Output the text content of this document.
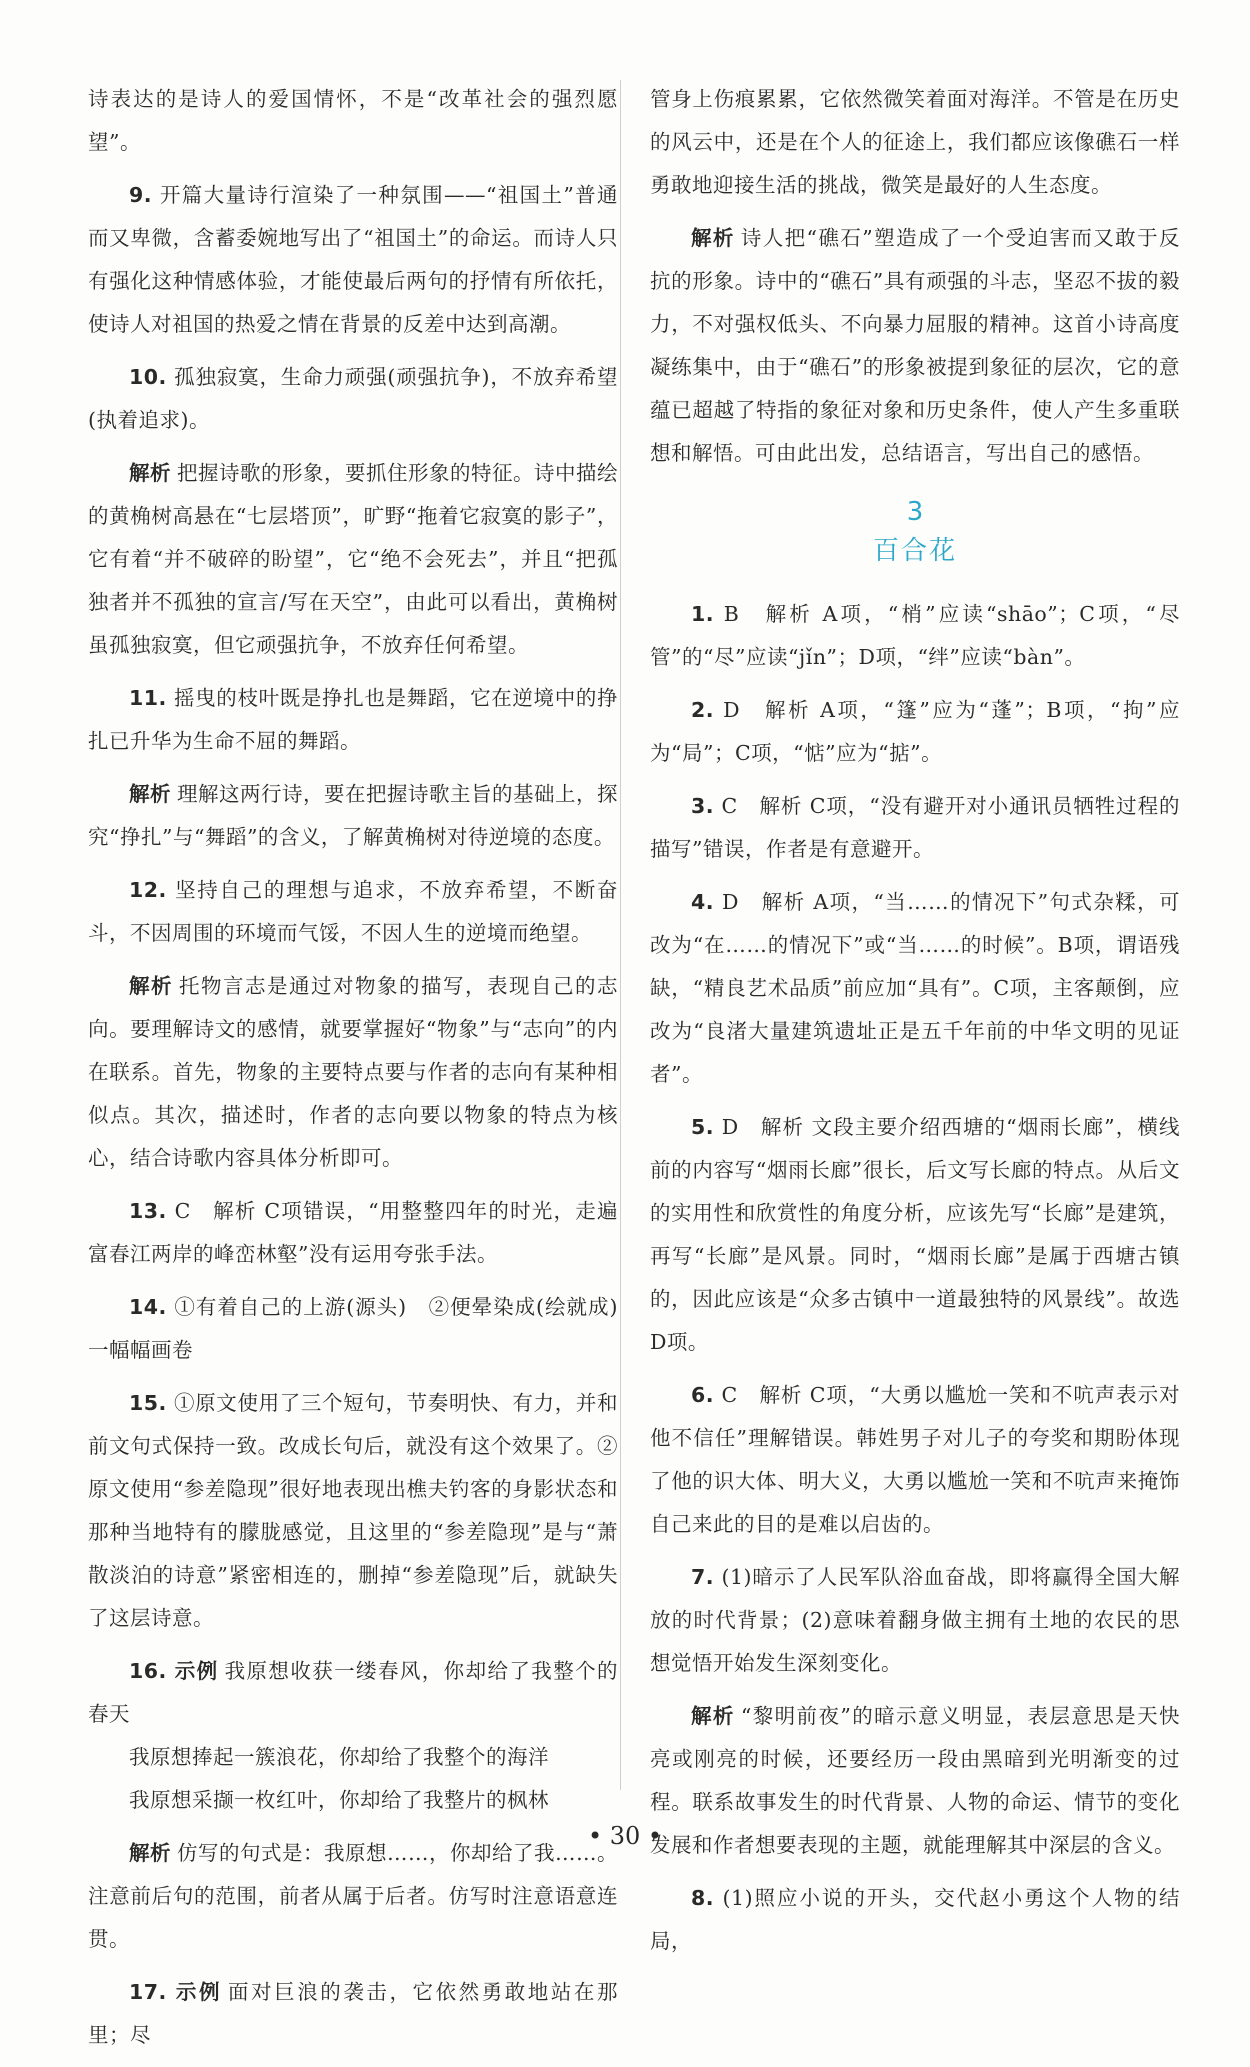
诗表达的是诗人的爱国情怀，不是“改革社会的强烈愿望”。

9. 开篇大量诗行渲染了一种氛围——“祖国土”普通而又卑微，含蓄委婉地写出了“祖国土”的命运。而诗人只有强化这种情感体验，才能使最后两句的抒情有所依托，使诗人对祖国的热爱之情在背景的反差中达到高潮。

10. 孤独寂寞，生命力顽强(顽强抗争)，不放弃希望(执着追求)。

解析 把握诗歌的形象，要抓住形象的特征。诗中描绘的黄桷树高悬在“七层塔顶”，旷野“拖着它寂寞的影子”，它有着“并不破碎的盼望”，它“绝不会死去”，并且“把孤独者并不孤独的宣言/写在天空”，由此可以看出，黄桷树虽孤独寂寞，但它顽强抗争，不放弃任何希望。

11. 摇曳的枝叶既是挣扎也是舞蹈，它在逆境中的挣扎已升华为生命不屈的舞蹈。

解析 理解这两行诗，要在把握诗歌主旨的基础上，探究“挣扎”与“舞蹈”的含义，了解黄桷树对待逆境的态度。

12. 坚持自己的理想与追求，不放弃希望，不断奋斗，不因周围的环境而气馁，不因人生的逆境而绝望。

解析 托物言志是通过对物象的描写，表现自己的志向。要理解诗文的感情，就要掌握好“物象”与“志向”的内在联系。首先，物象的主要特点要与作者的志向有某种相似点。其次，描述时，作者的志向要以物象的特点为核心，结合诗歌内容具体分析即可。

13. C　解析 C项错误，“用整整四年的时光，走遍富春江两岸的峰峦林壑”没有运用夸张手法。

14. ①有着自己的上游(源头)　②便晕染成(绘就成)一幅幅画卷

15. ①原文使用了三个短句，节奏明快、有力，并和前文句式保持一致。改成长句后，就没有这个效果了。②原文使用“参差隐现”很好地表现出樵夫钓客的身影状态和那种当地特有的朦胧感觉，且这里的“参差隐现”是与“萧散淡泊的诗意”紧密相连的，删掉“参差隐现”后，就缺失了这层诗意。

16. 示例 我原想收获一缕春风，你却给了我整个的春天

我原想捧起一簇浪花，你却给了我整个的海洋

我原想采撷一枚红叶，你却给了我整片的枫林

解析 仿写的句式是：我原想……，你却给了我……。注意前后句的范围，前者从属于后者。仿写时注意语意连贯。

17. 示例 面对巨浪的袭击，它依然勇敢地站在那里；尽

管身上伤痕累累，它依然微笑着面对海洋。不管是在历史的风云中，还是在个人的征途上，我们都应该像礁石一样勇敢地迎接生活的挑战，微笑是最好的人生态度。

解析 诗人把“礁石”塑造成了一个受迫害而又敢于反抗的形象。诗中的“礁石”具有顽强的斗志，坚忍不拔的毅力，不对强权低头、不向暴力屈服的精神。这首小诗高度凝练集中，由于“礁石”的形象被提到象征的层次，它的意蕴已超越了特指的象征对象和历史条件，使人产生多重联想和解悟。可由此出发，总结语言，写出自己的感悟。

3
百合花

1. B　解析 A项，“梢”应读“shāo”；C项，“尽管”的“尽”应读“jǐn”；D项，“绊”应读“bàn”。

2. D　解析 A项，“篷”应为“蓬”；B项，“拘”应为“局”；C项，“惦”应为“掂”。

3. C　解析 C项，“没有避开对小通讯员牺牲过程的描写”错误，作者是有意避开。

4. D　解析 A项，“当……的情况下”句式杂糅，可改为“在……的情况下”或“当……的时候”。B项，谓语残缺，“精良艺术品质”前应加“具有”。C项，主客颠倒，应改为“良渚大量建筑遗址正是五千年前的中华文明的见证者”。

5. D　解析 文段主要介绍西塘的“烟雨长廊”，横线前的内容写“烟雨长廊”很长，后文写长廊的特点。从后文的实用性和欣赏性的角度分析，应该先写“长廊”是建筑，再写“长廊”是风景。同时，“烟雨长廊”是属于西塘古镇的，因此应该是“众多古镇中一道最独特的风景线”。故选D项。

6. C　解析 C项，“大勇以尴尬一笑和不吭声表示对他不信任”理解错误。韩姓男子对儿子的夸奖和期盼体现了他的识大体、明大义，大勇以尴尬一笑和不吭声来掩饰自己来此的目的是难以启齿的。

7. (1)暗示了人民军队浴血奋战，即将赢得全国大解放的时代背景；(2)意味着翻身做主拥有土地的农民的思想觉悟开始发生深刻变化。

解析 “黎明前夜”的暗示意义明显，表层意思是天快亮或刚亮的时候，还要经历一段由黑暗到光明渐变的过程。联系故事发生的时代背景、人物的命运、情节的变化发展和作者想要表现的主题，就能理解其中深层的含义。

8. (1)照应小说的开头，交代赵小勇这个人物的结局，

• 30 •
